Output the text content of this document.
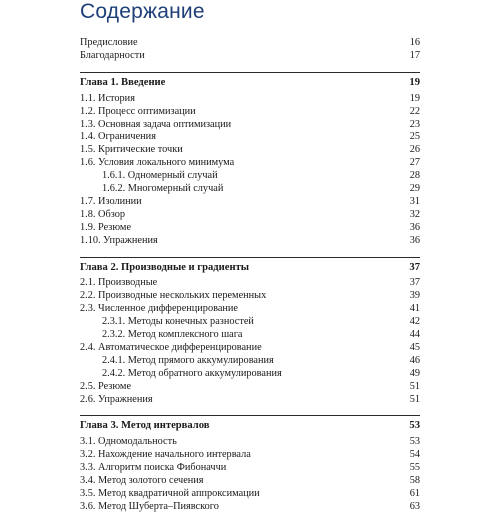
Содержание
Предисловие	16
Благодарности	17
Глава 1. Введение	19
1.1. История	19
1.2. Процесс оптимизации	22
1.3. Основная задача оптимизации	23
1.4. Ограничения	25
1.5. Критические точки	26
1.6. Условия локального минимума	27
1.6.1. Одномерный случай	28
1.6.2. Многомерный случай	29
1.7. Изолинии	31
1.8. Обзор	32
1.9. Резюме	36
1.10. Упражнения	36
Глава 2. Производные и градиенты	37
2.1. Производные	37
2.2. Производные нескольких переменных	39
2.3. Численное дифференцирование	41
2.3.1. Методы конечных разностей	42
2.3.2. Метод комплексного шага	44
2.4. Автоматическое дифференцирование	45
2.4.1. Метод прямого аккумулирования	46
2.4.2. Метод обратного аккумулирования	49
2.5. Резюме	51
2.6. Упражнения	51
Глава 3. Метод интервалов	53
3.1. Одномодальность	53
3.2. Нахождение начального интервала	54
3.3. Алгоритм поиска Фибоначчи	55
3.4. Метод золотого сечения	58
3.5. Метод квадратичной аппроксимации	61
3.6. Метод Шуберта–Пиявского	63
